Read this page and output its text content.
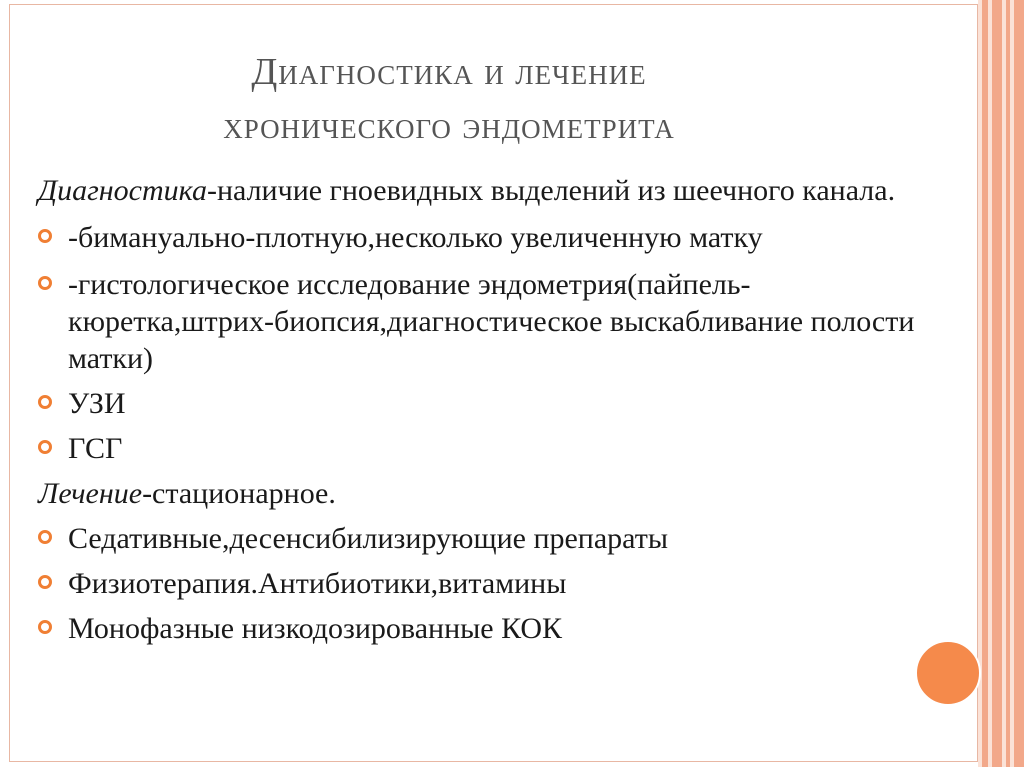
Диагностика и лечение
хронического эндометрита

Диагностика-наличие гноевидных выделений из шеечного канала.

-бимануально-плотную,несколько увеличенную матку

-гистологическое исследование эндометрия(пайпель-кюретка,штрих-биопсия,диагностическое выскабливание полости матки)

УЗИ

ГСГ

Лечение-стационарное.

Седативные,десенсибилизирующие препараты

Физиотерапия.Антибиотики,витамины

Монофазные низкодозированные КОК
